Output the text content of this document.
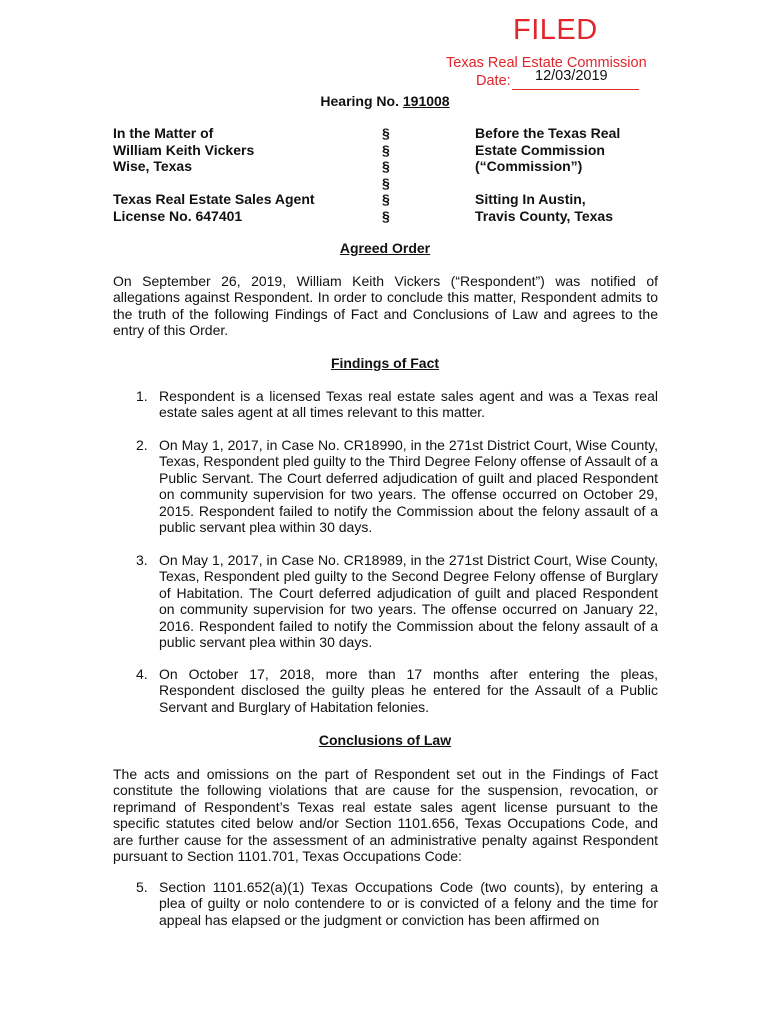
FILED
Texas Real Estate Commission
Date: 12/03/2019
Hearing No. 191008
In the Matter of
William Keith Vickers
Wise, Texas
Texas Real Estate Sales Agent
License No. 647401
§
§
§
§
§
§
Before the Texas Real
Estate Commission
(“Commission”)
Sitting In Austin,
Travis County, Texas
Agreed Order
On September 26, 2019, William Keith Vickers (“Respondent”) was notified of allegations against Respondent. In order to conclude this matter, Respondent admits to the truth of the following Findings of Fact and Conclusions of Law and agrees to the entry of this Order.
Findings of Fact
1. Respondent is a licensed Texas real estate sales agent and was a Texas real estate sales agent at all times relevant to this matter.
2. On May 1, 2017, in Case No. CR18990, in the 271st District Court, Wise County, Texas, Respondent pled guilty to the Third Degree Felony offense of Assault of a Public Servant. The Court deferred adjudication of guilt and placed Respondent on community supervision for two years. The offense occurred on October 29, 2015. Respondent failed to notify the Commission about the felony assault of a public servant plea within 30 days.
3. On May 1, 2017, in Case No. CR18989, in the 271st District Court, Wise County, Texas, Respondent pled guilty to the Second Degree Felony offense of Burglary of Habitation. The Court deferred adjudication of guilt and placed Respondent on community supervision for two years. The offense occurred on January 22, 2016. Respondent failed to notify the Commission about the felony assault of a public servant plea within 30 days.
4. On October 17, 2018, more than 17 months after entering the pleas, Respondent disclosed the guilty pleas he entered for the Assault of a Public Servant and Burglary of Habitation felonies.
Conclusions of Law
The acts and omissions on the part of Respondent set out in the Findings of Fact constitute the following violations that are cause for the suspension, revocation, or reprimand of Respondent’s Texas real estate sales agent license pursuant to the specific statutes cited below and/or Section 1101.656, Texas Occupations Code, and are further cause for the assessment of an administrative penalty against Respondent pursuant to Section 1101.701, Texas Occupations Code:
5. Section 1101.652(a)(1) Texas Occupations Code (two counts), by entering a plea of guilty or nolo contendere to or is convicted of a felony and the time for appeal has elapsed or the judgment or conviction has been affirmed on
